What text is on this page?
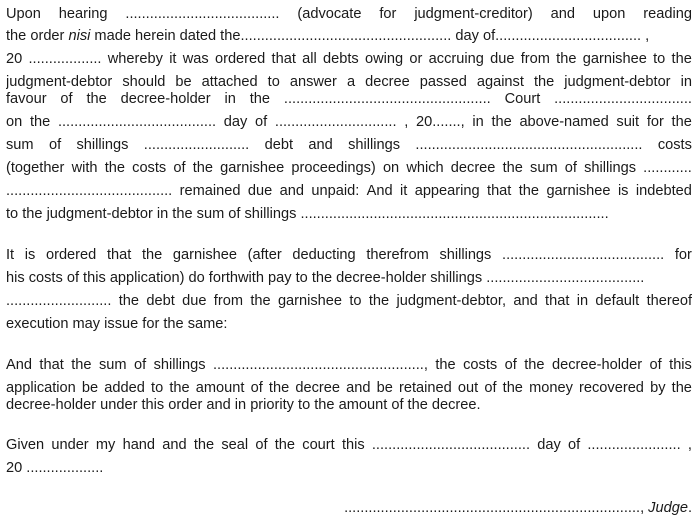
Upon hearing ...................................... (advocate for judgment-creditor) and upon reading
the order nisi made herein dated the.................................................... day of.................................... ,
20 .................. whereby it was ordered that all debts owing or accruing due from the garnishee to the
judgment-debtor should be attached to answer a decree passed against the judgment-debtor in
favour of the decree-holder in the ................................................... Court ..................................
on the ....................................... day of .............................. , 20......., in the above-named suit for the
sum of shillings .......................... debt and shillings ........................................................ costs
(together with the costs of the garnishee proceedings) on which decree the sum of shillings ............
......................................... remained due and unpaid: And it appearing that the garnishee is indebted
to the judgment-debtor in the sum of shillings ............................................................................
It is ordered that the garnishee (after deducting therefrom shillings ........................................ for
his costs of this application) do forthwith pay to the decree-holder shillings .......................................
.......................... the debt due from the garnishee to the judgment-debtor, and that in default thereof
execution may issue for the same:
And that the sum of shillings ...................................................., the costs of the decree-holder of this
application be added to the amount of the decree and be retained out of the money recovered by the
decree-holder under this order and in priority to the amount of the decree.
Given under my hand and the seal of the court this ....................................... day of ....................... ,
20 ...................
........................................................................., Judge.
